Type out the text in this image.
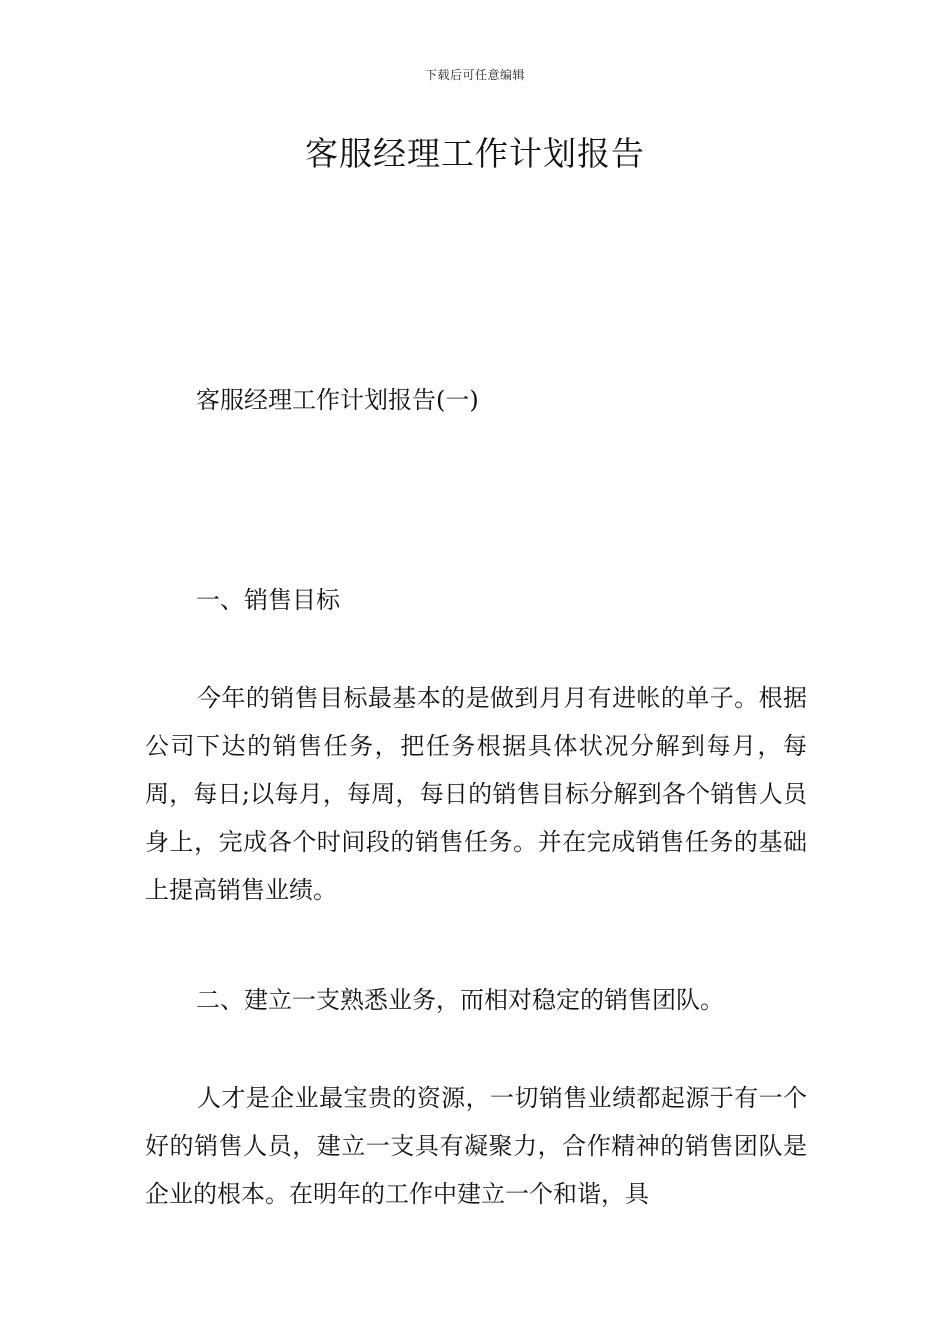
下载后可任意编辑
客服经理工作计划报告

客服经理工作计划报告(一)

一、销售目标

今年的销售目标最基本的是做到月月有进帐的单子。根据公司下达的销售任务，把任务根据具体状况分解到每月，每周，每日;以每月，每周，每日的销售目标分解到各个销售人员身上，完成各个时间段的销售任务。并在完成销售任务的基础上提高销售业绩。

二、建立一支熟悉业务，而相对稳定的销售团队。

人才是企业最宝贵的资源，一切销售业绩都起源于有一个好的销售人员，建立一支具有凝聚力，合作精神的销售团队是企业的根本。在明年的工作中建立一个和谐，具
